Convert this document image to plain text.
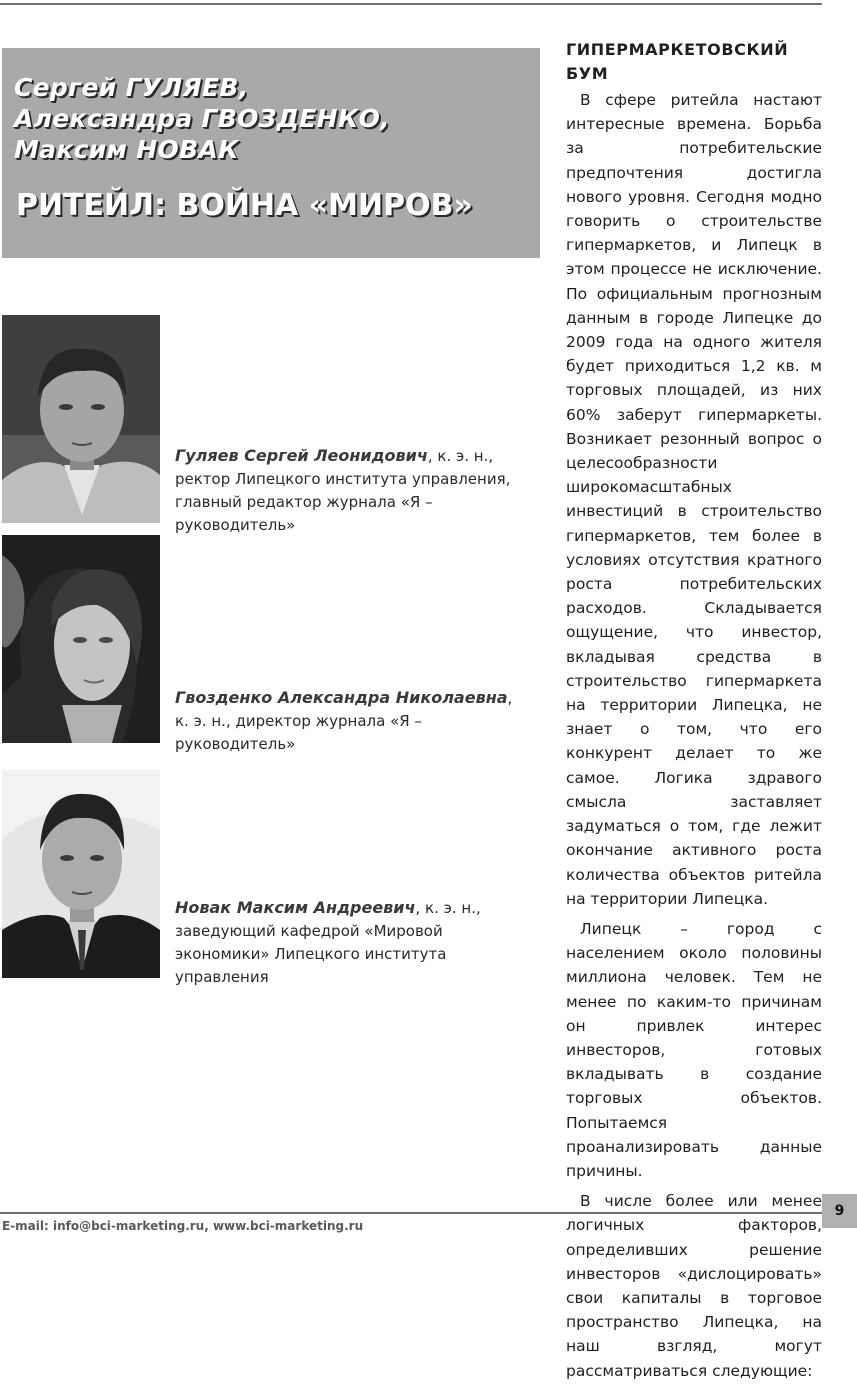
Сергей ГУЛЯЕВ,
Александра ГВОЗДЕНКО,
Максим НОВАК
РИТЕЙЛ: ВОЙНА «МИРОВ»
Гуляев Сергей Леонидович, к. э. н., ректор Липецкого института управления, главный редактор журнала «Я – руководитель»
Гвозденко Александра Николаевна, к. э. н., директор журнала «Я – руководитель»
Новак Максим Андреевич, к. э. н., заведующий кафедрой «Мировой экономики» Липецкого института управления
ГИПЕРМАРКЕТОВСКИЙ БУМ

В сфере ритейла настают интересные времена. Борьба за потребительские предпочтения достигла нового уровня. Сегодня модно говорить о строительстве гипермаркетов, и Липецк в этом процессе не исключение. По официальным прогнозным данным в городе Липецке до 2009 года на одного жителя будет приходиться 1,2 кв. м торговых площадей, из них 60% заберут гипермаркеты. Возникает резонный вопрос о целесообразности широкомасштабных инвестиций в строительство гипермаркетов, тем более в условиях отсутствия кратного роста потребительских расходов. Складывается ощущение, что инвестор, вкладывая средства в строительство гипермаркета на территории Липецка, не знает о том, что его конкурент делает то же самое. Логика здравого смысла заставляет задуматься о том, где лежит окончание активного роста количества объектов ритейла на территории Липецка.

Липецк – город с населением около половины миллиона человек. Тем не менее по каким-то причинам он привлек интерес инвесторов, готовых вкладывать в создание торговых объектов. Попытаемся проанализировать данные причины.

В числе более или менее логичных факторов, определивших решение инвесторов «дислоцировать» свои капиталы в торговое пространство Липецка, на наш взгляд, могут рассматриваться следующие:

E-mail: info@bci-marketing.ru, www.bci-marketing.ru
9
